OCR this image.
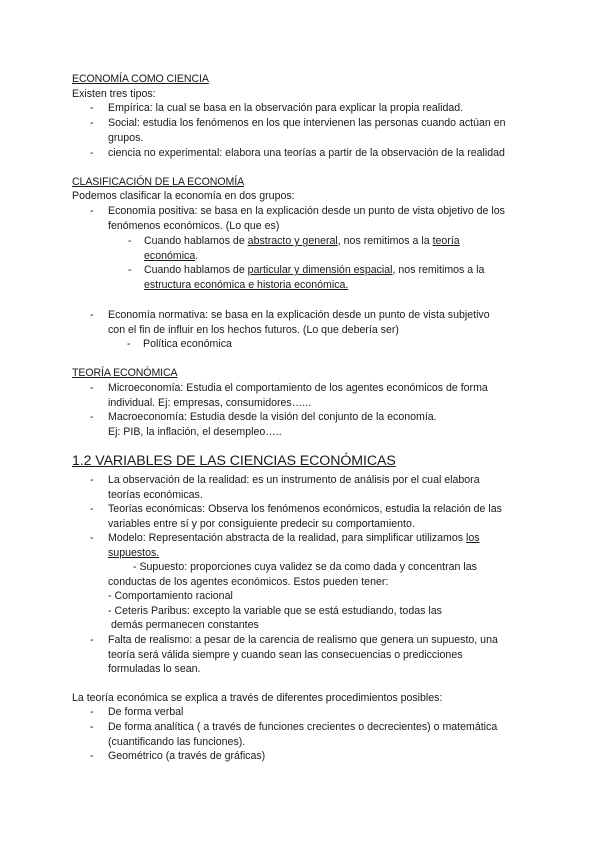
ECONOMÍA COMO CIENCIA
Existen tres tipos:
- Empírica: la cual se basa en la observación para explicar la propia realidad.
- Social: estudia los fenómenos en los que intervienen las personas cuando actúan en
grupos.
- ciencia no experimental: elabora una teorías a partir de la observación de la realidad
CLASIFICACIÓN DE LA ECONOMÍA
Podemos clasificar la economía en dos grupos:
- Economía positiva: se basa en la explicación desde un punto de vista objetivo de los
fenómenos económicos. (Lo que es)
- Cuando hablamos de abstracto y general, nos remitimos a la teoría
económica.
- Cuando hablamos de particular y dimensión espacial, nos remitimos a la
estructura económica e historia económica.
- Economía normativa: se basa en la explicación desde un punto de vista subjetivo
con el fin de influir en los hechos futuros. (Lo que debería ser)
- Política económica
TEORÍA ECONÓMICA
- Microeconomía: Estudia el comportamiento de los agentes económicos de forma
individual. Ej: empresas, consumidores…...
- Macroeconomía: Estudia desde la visión del conjunto de la economía.
Ej: PIB, la inflación, el desempleo…..
1.2 VARIABLES DE LAS CIENCIAS ECONÓMICAS
- La observación de la realidad: es un instrumento de análisis por el cual elabora
teorías económicas.
- Teorías económicas: Observa los fenómenos económicos, estudia la relación de las
variables entre sí y por consiguiente predecir su comportamiento.
- Modelo: Representación abstracta de la realidad, para simplificar utilizamos los
supuestos.
- Supuesto: proporciones cuya validez se da como dada y concentran las
conductas de los agentes económicos. Estos pueden tener:
- Comportamiento racional
- Ceteris Paribus: excepto la variable que se está estudiando, todas las
demás permanecen constantes
- Falta de realismo: a pesar de la carencia de realismo que genera un supuesto, una
teoría será válida siempre y cuando sean las consecuencias o predicciones
formuladas lo sean.
La teoría económica se explica a través de diferentes procedimientos posibles:
- De forma verbal
- De forma analítica ( a través de funciones crecientes o decrecientes) o matemática
(cuantificando las funciones).
- Geométrico (a través de gráficas)
